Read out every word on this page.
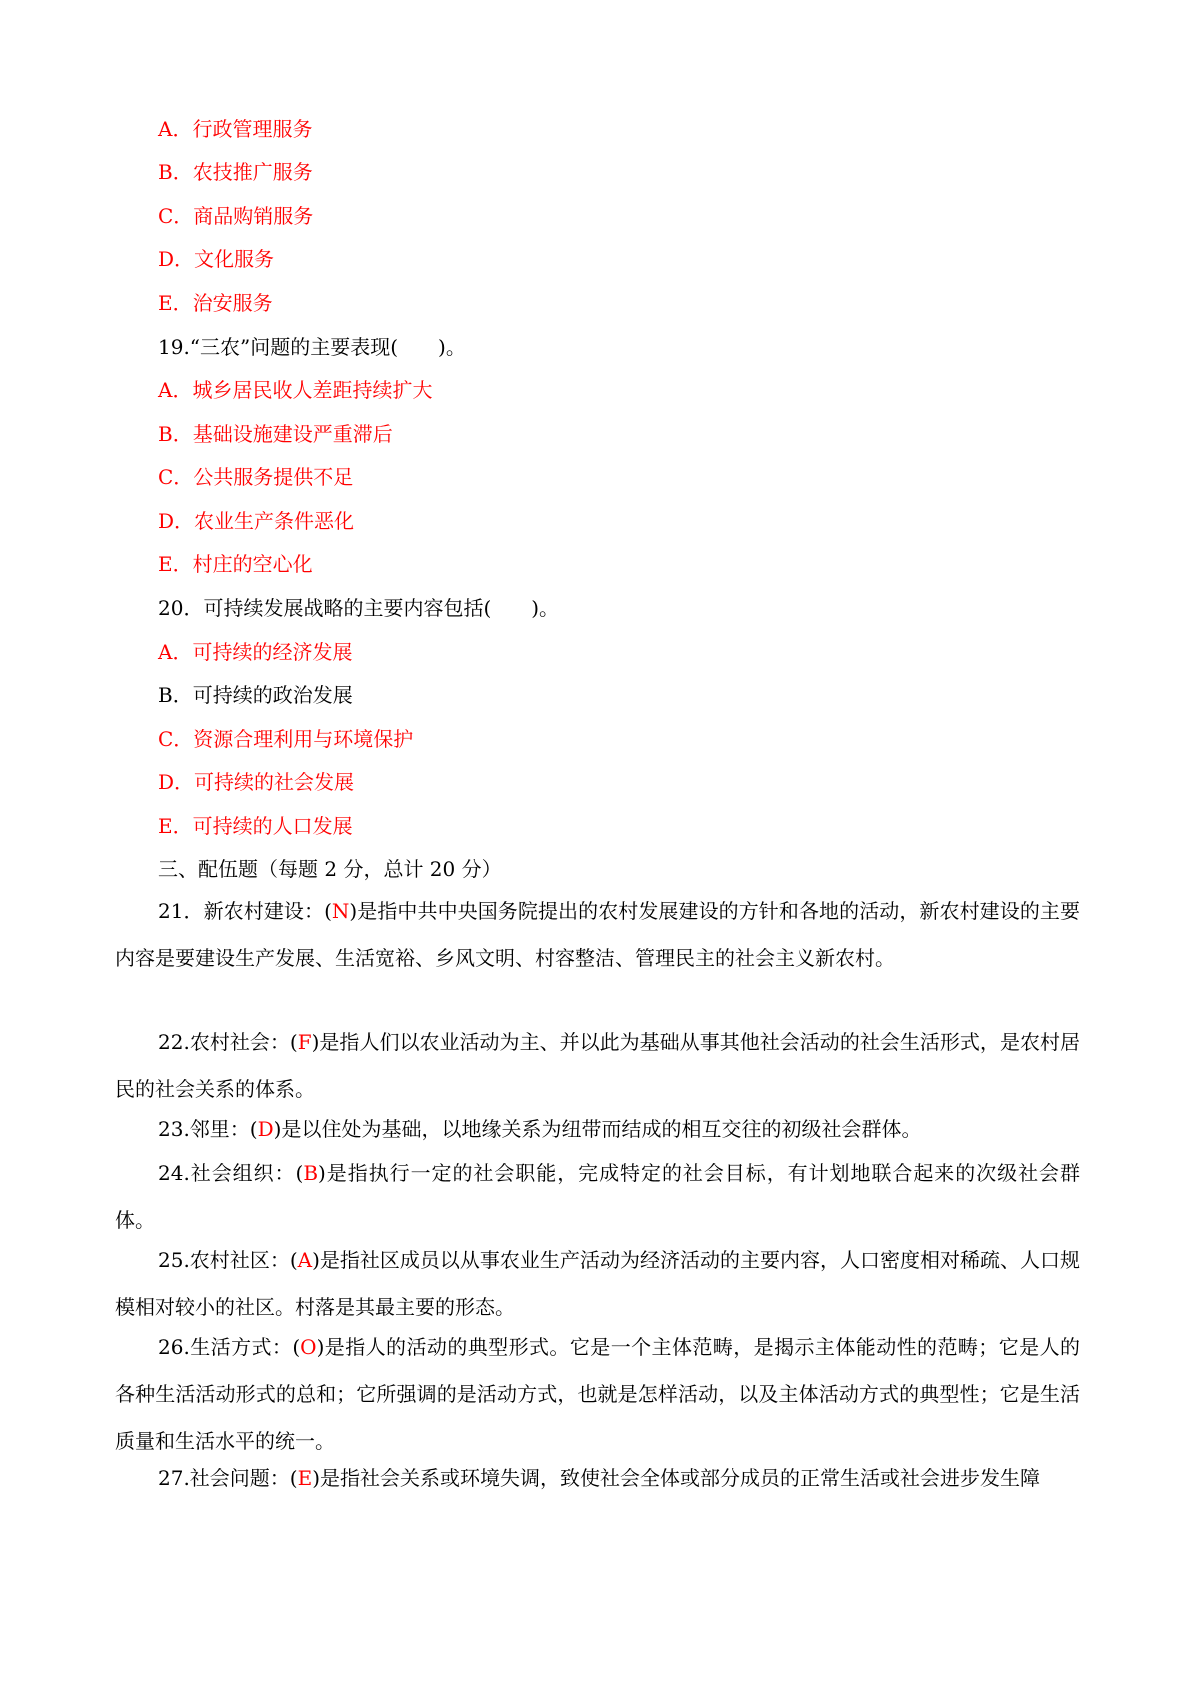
A．行政管理服务
B．农技推广服务
C．商品购销服务
D．文化服务
E．治安服务
19.“三农”问题的主要表现(　　)。
A．城乡居民收人差距持续扩大
B．基础设施建设严重滞后
C．公共服务提供不足
D．农业生产条件恶化
E．村庄的空心化
20．可持续发展战略的主要内容包括(　　)。
A．可持续的经济发展
B．可持续的政治发展
C．资源合理利用与环境保护
D．可持续的社会发展
E．可持续的人口发展
三、配伍题（每题 2 分，总计 20 分）
21．新农村建设：(N)是指中共中央国务院提出的农村发展建设的方针和各地的活动，新农村建设的主要内容是要建设生产发展、生活宽裕、乡风文明、村容整洁、管理民主的社会主义新农村。
22.农村社会：(F)是指人们以农业活动为主、并以此为基础从事其他社会活动的社会生活形式，是农村居民的社会关系的体系。
23.邻里：(D)是以住处为基础，以地缘关系为纽带而结成的相互交往的初级社会群体。
24.社会组织：(B)是指执行一定的社会职能，完成特定的社会目标，有计划地联合起来的次级社会群体。
25.农村社区：(A)是指社区成员以从事农业生产活动为经济活动的主要内容，人口密度相对稀疏、人口规模相对较小的社区。村落是其最主要的形态。
26.生活方式：(O)是指人的活动的典型形式。它是一个主体范畴，是揭示主体能动性的范畴；它是人的各种生活活动形式的总和；它所强调的是活动方式，也就是怎样活动，以及主体活动方式的典型性；它是生活质量和生活水平的统一。
27.社会问题：(E)是指社会关系或环境失调，致使社会全体或部分成员的正常生活或社会进步发生障
